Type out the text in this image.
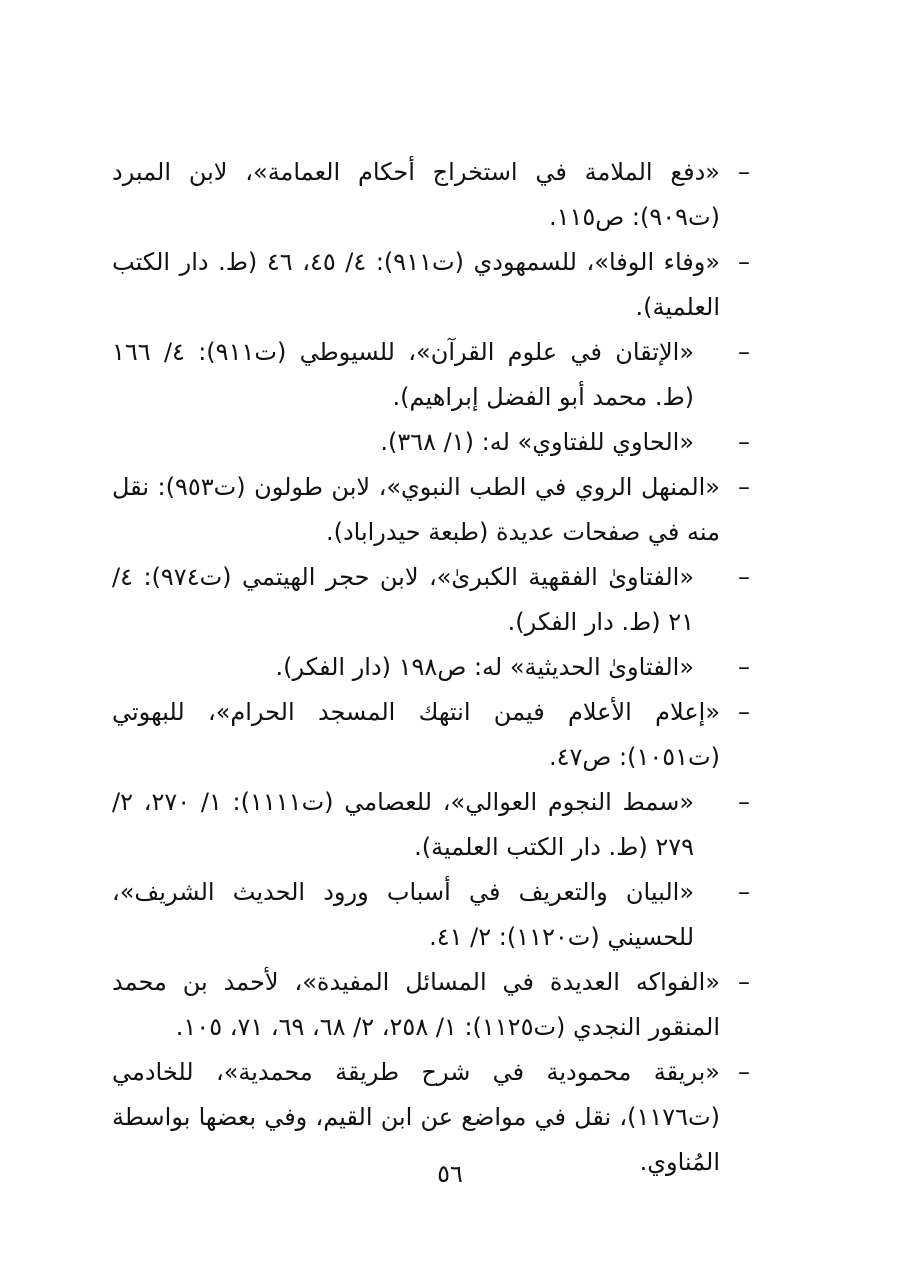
–
«دفع الملامة في استخراج أحكام العمامة»، لابن المبرد (ت٩٠٩): ص١١٥.
–
«وفاء الوفا»، للسمهودي (ت٩١١): ٤/ ٤٥، ٤٦ (ط. دار الكتب العلمية).
–
«الإتقان في علوم القرآن»، للسيوطي (ت٩١١): ٤/ ١٦٦ (ط. محمد أبو الفضل إبراهيم).
–
«الحاوي للفتاوي» له: (١/ ٣٦٨).
–
«المنهل الروي في الطب النبوي»، لابن طولون (ت٩٥٣): نقل منه في صفحات عديدة (طبعة حيدراباد).
–
«الفتاوىٰ الفقهية الكبرىٰ»، لابن حجر الهيتمي (ت٩٧٤): ٤/ ٢١ (ط. دار الفكر).
–
«الفتاوىٰ الحديثية» له: ص١٩٨ (دار الفكر).
–
«إعلام الأعلام فيمن انتهك المسجد الحرام»، للبهوتي (ت١٠٥١): ص٤٧.
–
«سمط النجوم العوالي»، للعصامي (ت١١١١): ١/ ٢٧٠، ٢/ ٢٧٩ (ط. دار الكتب العلمية).
–
«البيان والتعريف في أسباب ورود الحديث الشريف»، للحسيني (ت١١٢٠): ٢/ ٤١.
–
«الفواكه العديدة في المسائل المفيدة»، لأحمد بن محمد المنقور النجدي (ت١١٢٥): ١/ ٢٥٨، ٢/ ٦٨، ٦٩، ٧١، ١٠٥.
–
«بريقة محمودية في شرح طريقة محمدية»، للخادمي (ت١١٧٦)، نقل في مواضع عن ابن القيم، وفي بعضها بواسطة المُناوي.
٥٦
